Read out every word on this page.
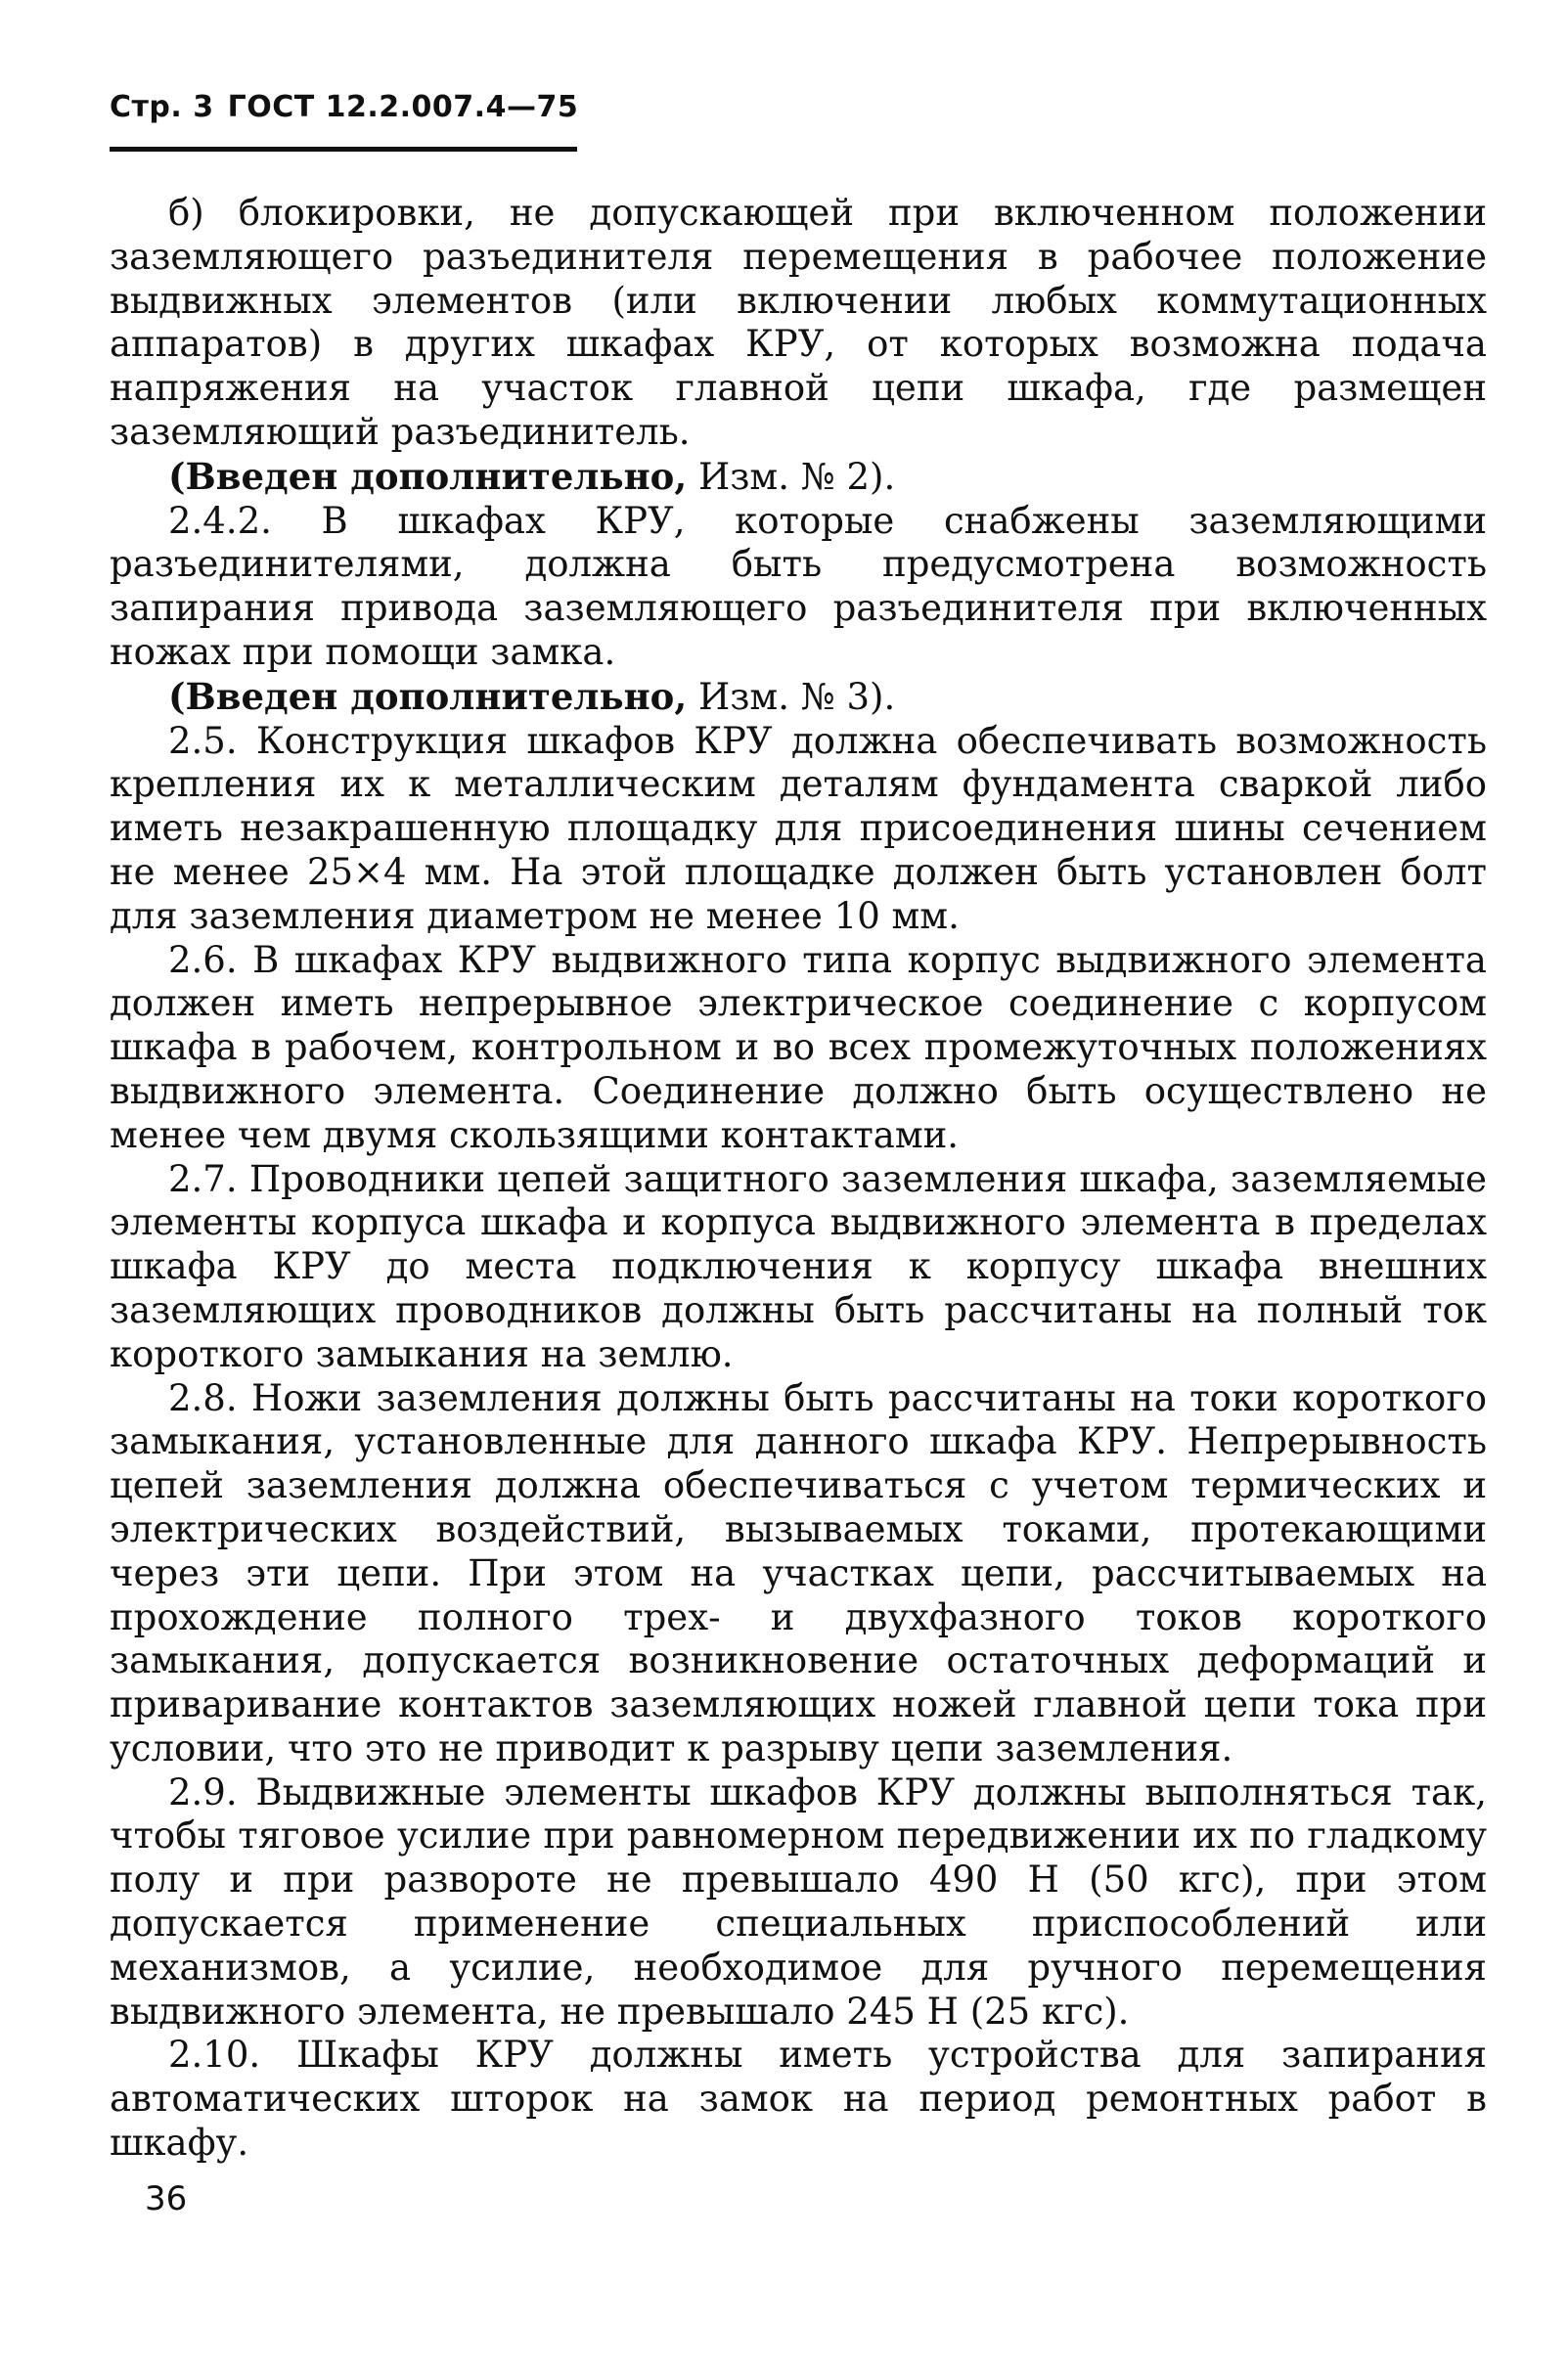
Стр. 3 ГОСТ 12.2.007.4—75

б) блокировки, не допускающей при включенном положении заземляющего разъединителя перемещения в рабочее положение выдвижных элементов (или включении любых коммутационных аппаратов) в других шкафах КРУ, от которых возможна подача напряжения на участок главной цепи шкафа, где размещен заземляющий разъединитель.

(Введен дополнительно, Изм. № 2).

2.4.2. В шкафах КРУ, которые снабжены заземляющими разъединителями, должна быть предусмотрена возможность запирания привода заземляющего разъединителя при включенных ножах при помощи замка.

(Введен дополнительно, Изм. № 3).

2.5. Конструкция шкафов КРУ должна обеспечивать возможность крепления их к металлическим деталям фундамента сваркой либо иметь незакрашенную площадку для присоединения шины сечением не менее 25×4 мм. На этой площадке должен быть установлен болт для заземления диаметром не менее 10 мм.

2.6. В шкафах КРУ выдвижного типа корпус выдвижного элемента должен иметь непрерывное электрическое соединение с корпусом шкафа в рабочем, контрольном и во всех промежуточных положениях выдвижного элемента. Соединение должно быть осуществлено не менее чем двумя скользящими контактами.

2.7. Проводники цепей защитного заземления шкафа, заземляемые элементы корпуса шкафа и корпуса выдвижного элемента в пределах шкафа КРУ до места подключения к корпусу шкафа внешних заземляющих проводников должны быть рассчитаны на полный ток короткого замыкания на землю.

2.8. Ножи заземления должны быть рассчитаны на токи короткого замыкания, установленные для данного шкафа КРУ. Непрерывность цепей заземления должна обеспечиваться с учетом термических и электрических воздействий, вызываемых токами, протекающими через эти цепи. При этом на участках цепи, рассчитываемых на прохождение полного трех- и двухфазного токов короткого замыкания, допускается возникновение остаточных деформаций и приваривание контактов заземляющих ножей главной цепи тока при условии, что это не приводит к разрыву цепи заземления.

2.9. Выдвижные элементы шкафов КРУ должны выполняться так, чтобы тяговое усилие при равномерном передвижении их по гладкому полу и при развороте не превышало 490 Н (50 кгс), при этом допускается применение специальных приспособлений или механизмов, а усилие, необходимое для ручного перемещения выдвижного элемента, не превышало 245 Н (25 кгс).

2.10. Шкафы КРУ должны иметь устройства для запирания автоматических шторок на замок на период ремонтных работ в шкафу.

36
